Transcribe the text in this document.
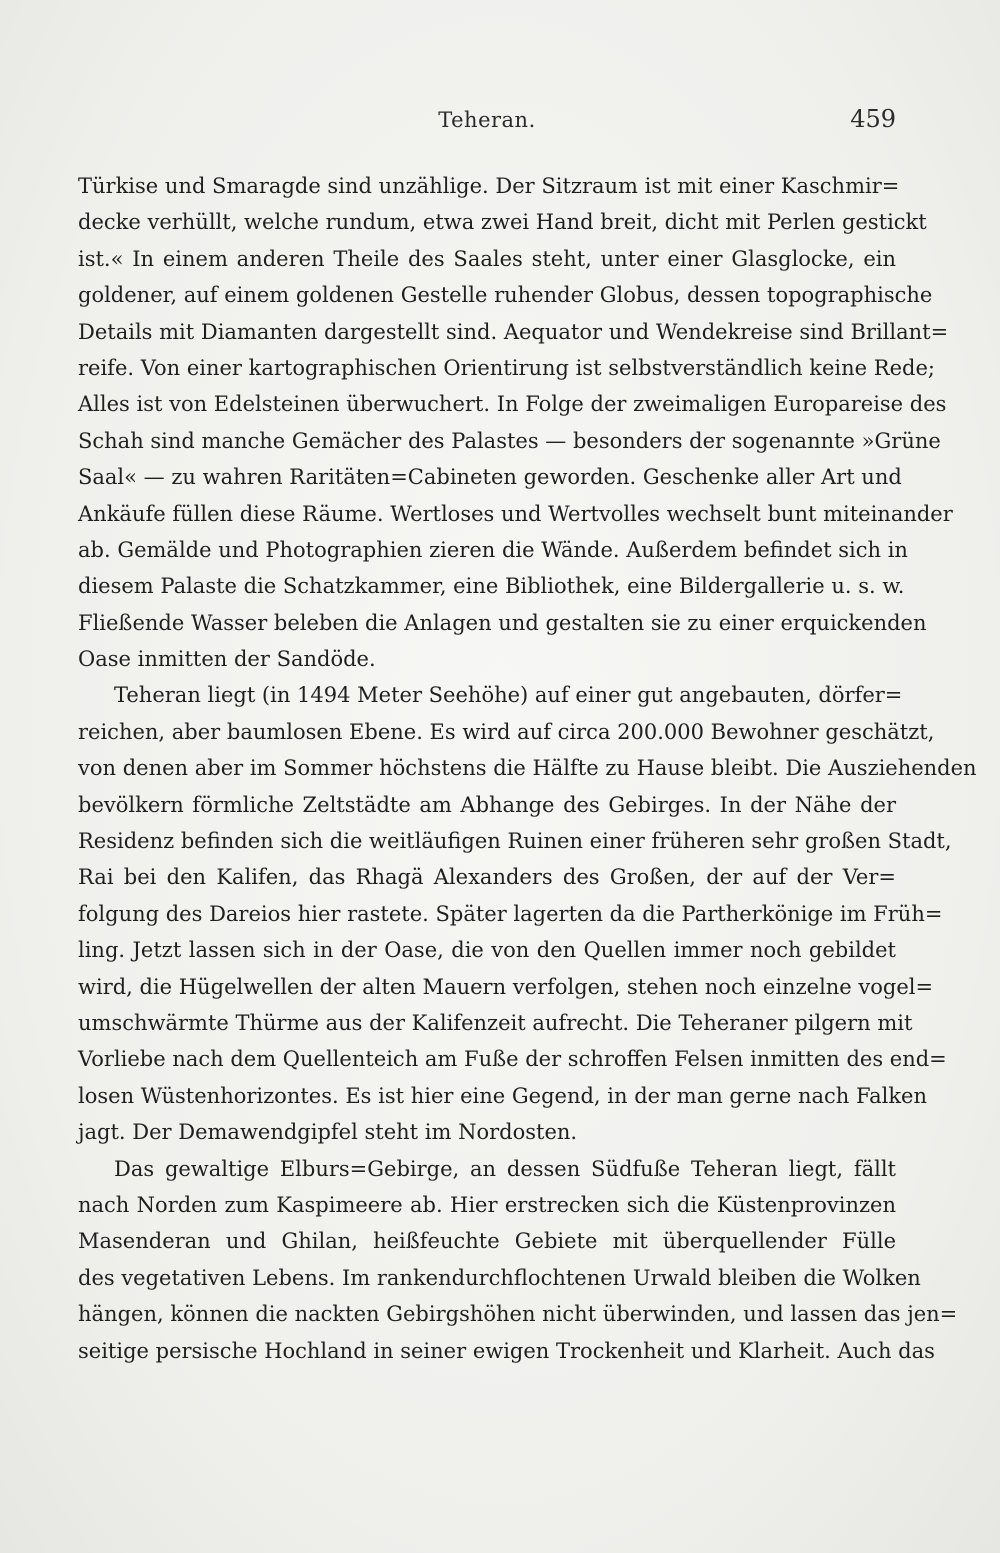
Teheran.	459
Türkise und Smaragde sind unzählige. Der Sitzraum ist mit einer Kaschmir=
decke verhüllt, welche rundum, etwa zwei Hand breit, dicht mit Perlen gestickt
ist.« In einem anderen Theile des Saales steht, unter einer Glasglocke, ein
goldener, auf einem goldenen Gestelle ruhender Globus, dessen topographische
Details mit Diamanten dargestellt sind. Aequator und Wendekreise sind Brillant=
reife. Von einer kartographischen Orientirung ist selbstverständlich keine Rede;
Alles ist von Edelsteinen überwuchert. In Folge der zweimaligen Europareise des
Schah sind manche Gemächer des Palastes — besonders der sogenannte »Grüne
Saal« — zu wahren Raritäten=Cabineten geworden. Geschenke aller Art und
Ankäufe füllen diese Räume. Wertloses und Wertvolles wechselt bunt miteinander
ab. Gemälde und Photographien zieren die Wände. Außerdem befindet sich in
diesem Palaste die Schatzkammer, eine Bibliothek, eine Bildergallerie u. s. w.
Fließende Wasser beleben die Anlagen und gestalten sie zu einer erquickenden
Oase inmitten der Sandöde.
Teheran liegt (in 1494 Meter Seehöhe) auf einer gut angebauten, dörfer=
reichen, aber baumlosen Ebene. Es wird auf circa 200.000 Bewohner geschätzt,
von denen aber im Sommer höchstens die Hälfte zu Hause bleibt. Die Ausziehenden
bevölkern förmliche Zeltstädte am Abhange des Gebirges. In der Nähe der
Residenz befinden sich die weitläufigen Ruinen einer früheren sehr großen Stadt,
Rai bei den Kalifen, das Rhagä Alexanders des Großen, der auf der Ver=
folgung des Dareios hier rastete. Später lagerten da die Partherkönige im Früh=
ling. Jetzt lassen sich in der Oase, die von den Quellen immer noch gebildet
wird, die Hügelwellen der alten Mauern verfolgen, stehen noch einzelne vogel=
umschwärmte Thürme aus der Kalifenzeit aufrecht. Die Teheraner pilgern mit
Vorliebe nach dem Quellenteich am Fuße der schroffen Felsen inmitten des end=
losen Wüstenhorizontes. Es ist hier eine Gegend, in der man gerne nach Falken
jagt. Der Demawendgipfel steht im Nordosten.
Das gewaltige Elburs=Gebirge, an dessen Südfuße Teheran liegt, fällt
nach Norden zum Kaspimeere ab. Hier erstrecken sich die Küstenprovinzen
Masenderan und Ghilan, heißfeuchte Gebiete mit überquellender Fülle
des vegetativen Lebens. Im rankendurchflochtenen Urwald bleiben die Wolken
hängen, können die nackten Gebirgshöhen nicht überwinden, und lassen das jen=
seitige persische Hochland in seiner ewigen Trockenheit und Klarheit. Auch das
